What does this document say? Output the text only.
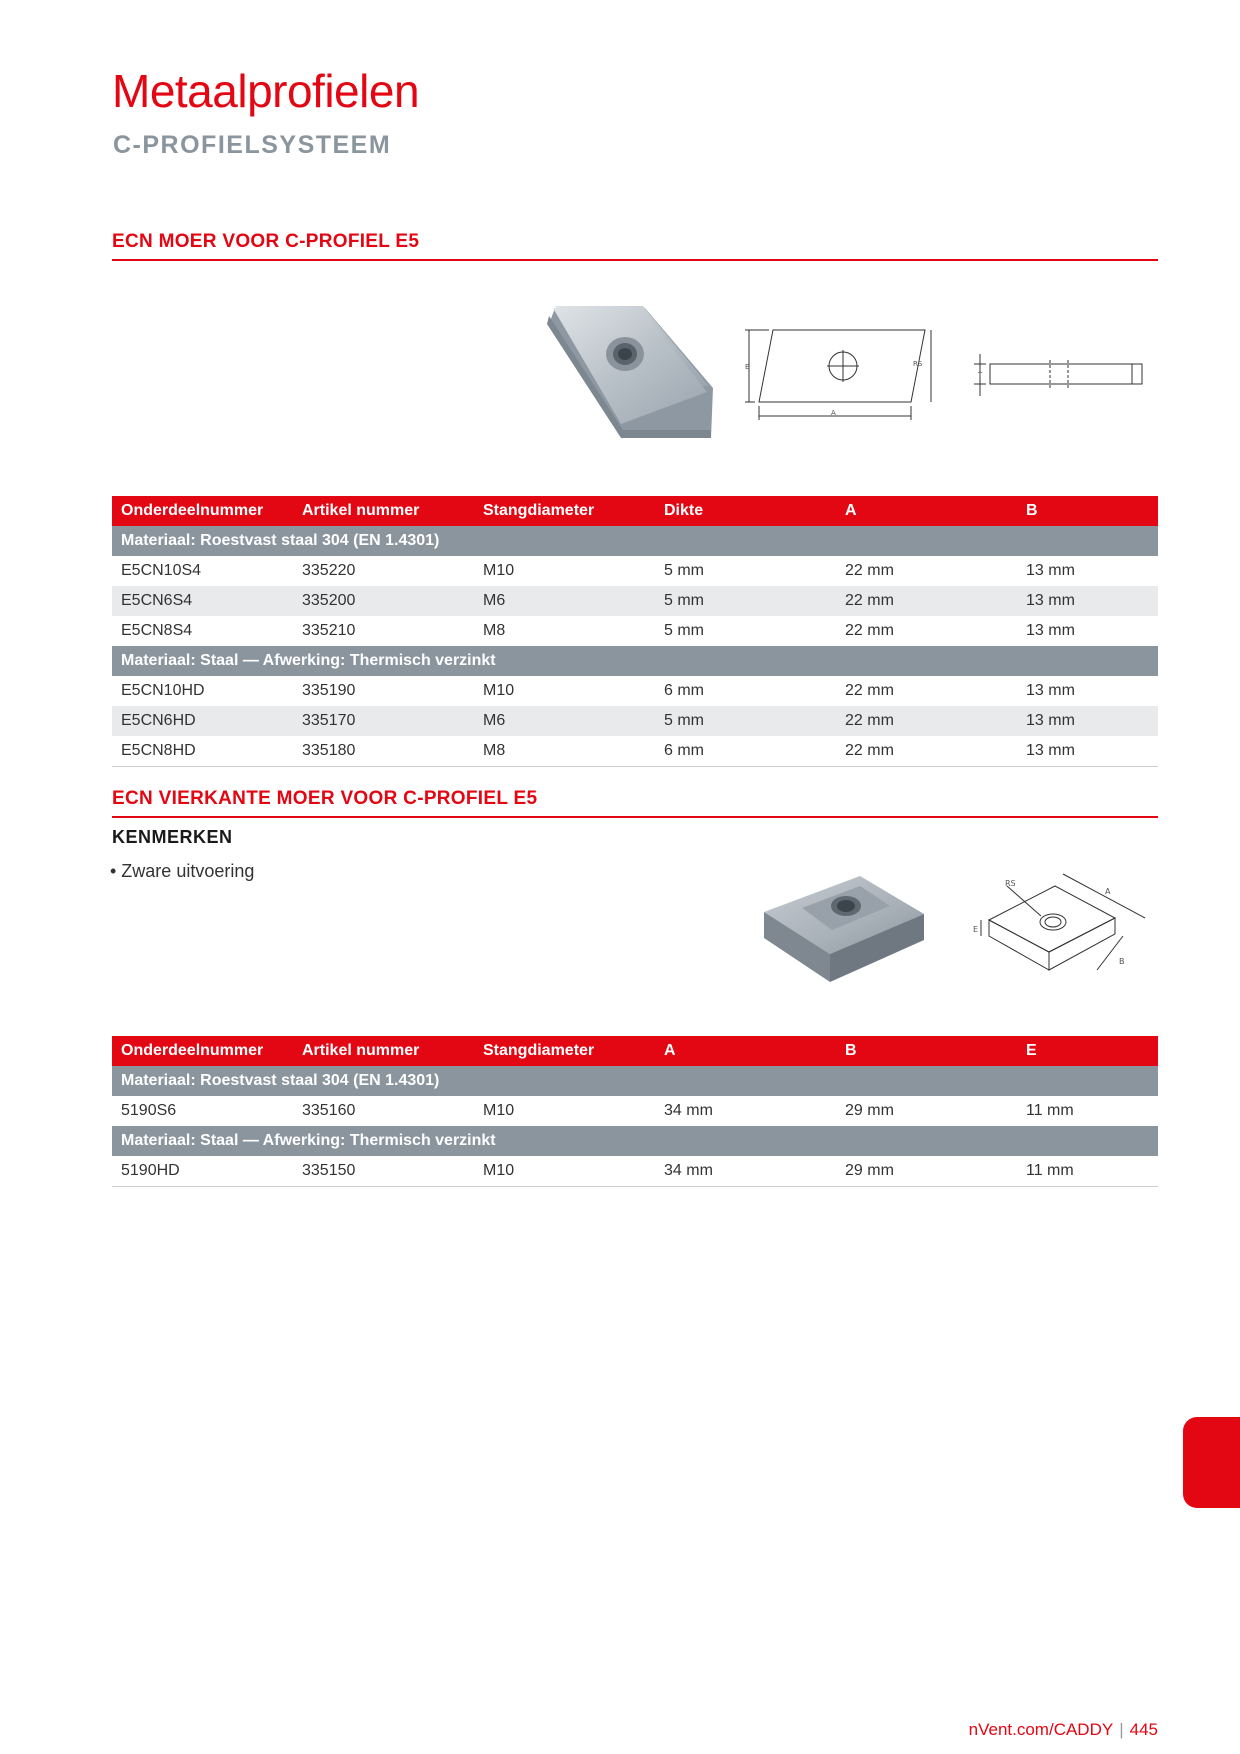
Metaalprofielen
C-PROFIELSYSTEEM
ECN MOER VOOR C-PROFIEL E5
B
A
RS
T
Onderdeelnummer	Artikel nummer	Stangdiameter	Dikte	A	B
Materiaal: Roestvast staal 304 (EN 1.4301)					
E5CN10S4	335220	M10	5 mm	22 mm	13 mm
E5CN6S4	335200	M6	5 mm	22 mm	13 mm
E5CN8S4	335210	M8	5 mm	22 mm	13 mm
Materiaal: Staal — Afwerking: Thermisch verzinkt					
E5CN10HD	335190	M10	6 mm	22 mm	13 mm
E5CN6HD	335170	M6	5 mm	22 mm	13 mm
E5CN8HD	335180	M8	6 mm	22 mm	13 mm
ECN VIERKANTE MOER VOOR C-PROFIEL E5
KENMERKEN
• Zware uitvoering
RS
A
B
E
Onderdeelnummer	Artikel nummer	Stangdiameter	A	B	E
Materiaal: Roestvast staal 304 (EN 1.4301)					
5190S6	335160	M10	34 mm	29 mm	11 mm
Materiaal: Staal — Afwerking: Thermisch verzinkt					
5190HD	335150	M10	34 mm	29 mm	11 mm
nVent.com/CADDY | 445
